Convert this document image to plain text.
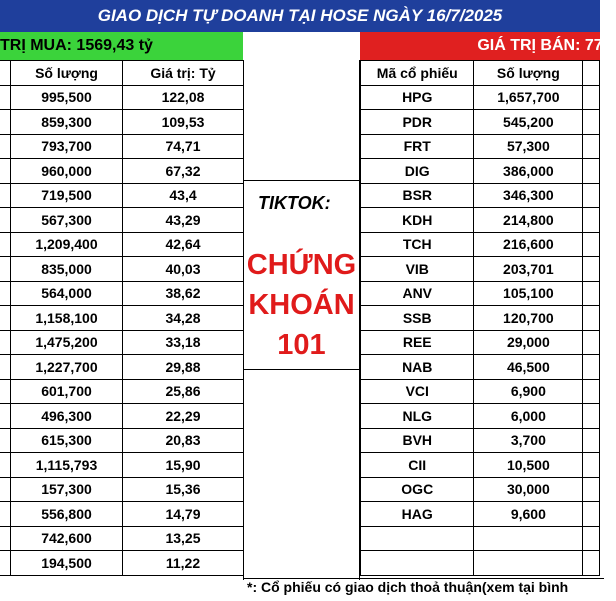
GIAO DỊCH TỰ DOANH TẠI HOSE NGÀY 16/7/2025
TRỊ MUA: 1569,43 tỷ	GIÁ TRỊ BÁN: 777,
	Số lượng	Giá trị: Tỷ
	995,500	122,08
	859,300	109,53
	793,700	74,71
	960,000	67,32
	719,500	43,4
	567,300	43,29
	1,209,400	42,64
	835,000	40,03
	564,000	38,62
	1,158,100	34,28
	1,475,200	33,18
	1,227,700	29,88
	601,700	25,86
	496,300	22,29
	615,300	20,83
	1,115,793	15,90
	157,300	15,36
	556,800	14,79
	742,600	13,25
	194,500	11,22
TIKTOK:
CHỨNG
KHOÁN
101
Mã cổ phiếu	Số lượng	
HPG	1,657,700	
PDR	545,200	
FRT	57,300	
DIG	386,000	
BSR	346,300	
KDH	214,800	
TCH	216,600	
VIB	203,701	
ANV	105,100	
SSB	120,700	
REE	29,000	
NAB	46,500	
VCI	6,900	
NLG	6,000	
BVH	3,700	
CII	10,500	
OGC	30,000	
HAG	9,600	

*: Cổ phiếu có giao dịch thoả thuận(xem tại bình
